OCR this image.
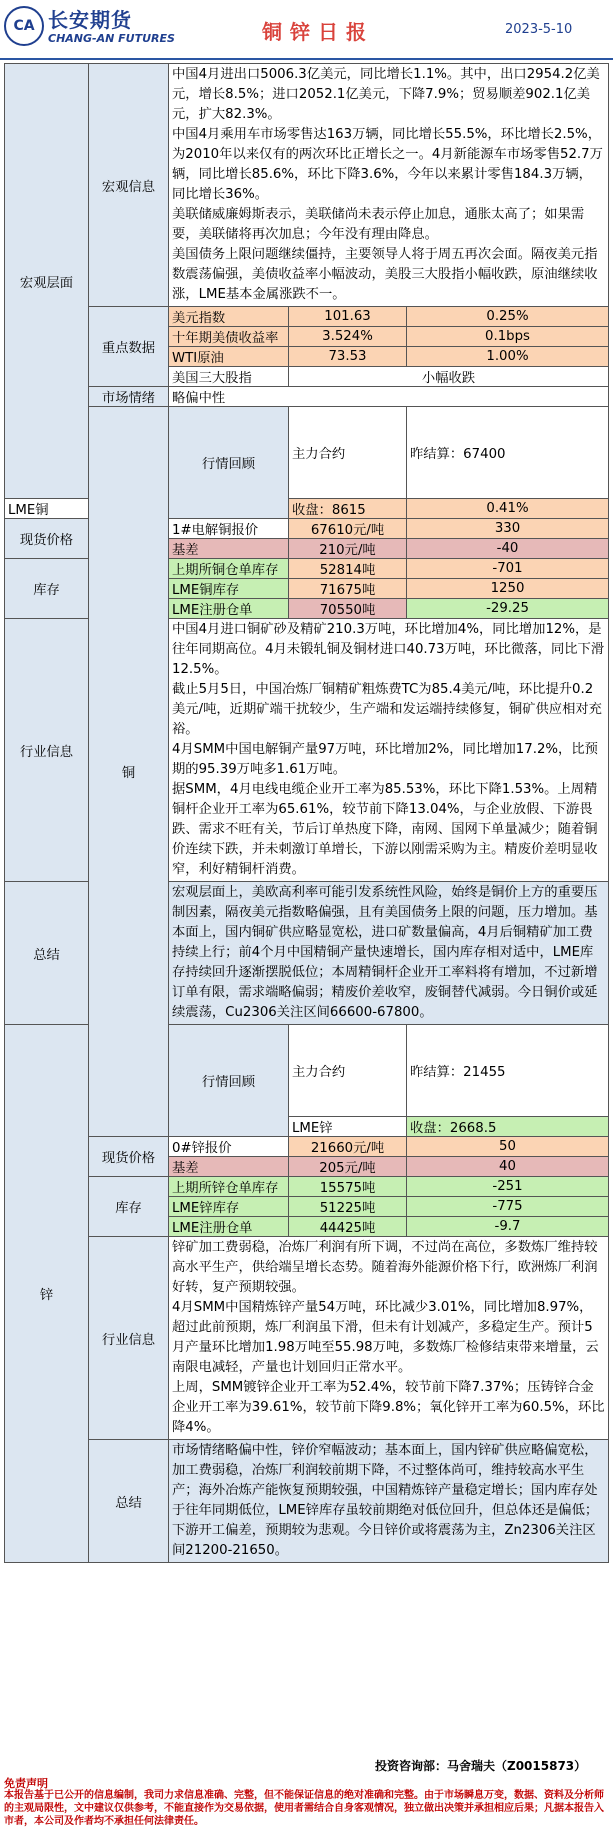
CA 长安期货
CHANG-AN FUTURES	铜锌日报	2023-5-10
宏观层面	宏观信息	中国4月进出口5006.3亿美元，同比增长1.1%。其中，出口2954.2亿美元，增长8.5%；进口2052.1亿美元，下降7.9%；贸易顺差902.1亿美元，扩大82.3%。
中国4月乘用车市场零售达163万辆，同比增长55.5%，环比增长2.5%，为2010年以来仅有的两次环比正增长之一。4月新能源车市场零售52.7万辆，同比增长85.6%，环比下降3.6%，今年以来累计零售184.3万辆，同比增长36%。
美联储威廉姆斯表示，美联储尚未表示停止加息，通胀太高了；如果需要，美联储将再次加息；今年没有理由降息。
美国债务上限问题继续僵持，主要领导人将于周五再次会面。隔夜美元指数震荡偏强，美债收益率小幅波动，美股三大股指小幅收跌，原油继续收涨，LME基本金属涨跌不一。			

	重点数据	美元指数	101.63	0.25%	
		十年期美债收益率	3.524%	0.1bps	
		WTI原油	73.53	1.00%	
		美国三大股指	小幅收跌		
	市场情绪	略偏中性			
	铜	行情回顾	主力合约	昨结算：67400	
LME铜			收盘：8615	0.41%	
现货价格		1#电解铜报价	67610元/吨	330	
		基差	210元/吨	-40	
库存		上期所铜仓单库存	52814吨	-701	
		LME铜库存	71675吨	1250	
		LME注册仓单	70550吨	-29.25	
行业信息		中国4月进口铜矿砂及精矿210.3万吨，环比增加4%，同比增加12%，是往年同期高位。4月未锻轧铜及铜材进口40.73万吨，环比微落，同比下滑12.5%。
截止5月5日，中国冶炼厂铜精矿粗炼费TC为85.4美元/吨，环比提升0.2美元/吨，近期矿端干扰较少，生产端和发运端持续修复，铜矿供应相对充裕。
4月SMM中国电解铜产量97万吨，环比增加2%，同比增加17.2%，比预期的95.39万吨多1.61万吨。
据SMM，4月电线电缆企业开工率为85.53%，环比下降1.53%。上周精铜杆企业开工率为65.61%，较节前下降13.04%，与企业放假、下游畏跌、需求不旺有关，节后订单热度下降，南网、国网下单量减少；随着铜价连续下跌，并未刺激订单增长，下游以刚需采购为主。精废价差明显收窄，利好精铜杆消费。			

总结		宏观层面上，美欧高利率可能引发系统性风险，始终是铜价上方的重要压制因素，隔夜美元指数略偏强，且有美国债务上限的问题，压力增加。基本面上，国内铜矿供应略显宽松，进口矿数量偏高，4月后铜精矿加工费持续上行；前4个月中国精铜产量快速增长，国内库存相对适中，LME库存持续回升逐渐摆脱低位；本周精铜杆企业开工率料将有增加，不过新增订单有限，需求端略偏弱；精废价差收窄，废铜替代减弱。今日铜价或延续震荡，Cu2306关注区间66600-67800。			
锌		行情回顾	主力合约	昨结算：21455	
			LME锌	收盘：2668.5	
	现货价格	0#锌报价	21660元/吨	50	
		基差	205元/吨	40	
	库存	上期所锌仓单库存	15575吨	-251	
		LME锌库存	51225吨	-775	
		LME注册仓单	44425吨	-9.7	
	行业信息	锌矿加工费弱稳，冶炼厂利润有所下调，不过尚在高位，多数炼厂维持较高水平生产，供给端呈增长态势。随着海外能源价格下行，欧洲炼厂利润好转，复产预期较强。
4月SMM中国精炼锌产量54万吨，环比减少3.01%，同比增加8.97%，超过此前预期，炼厂利润虽下滑，但未有计划减产，多稳定生产。预计5月产量环比增加1.98万吨至55.98万吨，多数炼厂检修结束带来增量，云南限电减轻，产量也计划回归正常水平。
上周，SMM镀锌企业开工率为52.4%，较节前下降7.37%；压铸锌合金企业开工率为39.61%，较节前下降9.8%；氧化锌开工率为60.5%，环比降4%。			

	总结	市场情绪略偏中性，锌价窄幅波动；基本面上，国内锌矿供应略偏宽松，加工费弱稳，冶炼厂利润较前期下降，不过整体尚可，维持较高水平生产；海外冶炼产能恢复预期较强，中国精炼锌产量稳定增长；国内库存处于往年同期低位，LME锌库存虽较前期绝对低位回升，但总体还是偏低；下游开工偏差，预期较为悲观。今日锌价或将震荡为主，Zn2306关注区间21200-21650。			
投资咨询部：马舍瑞夫（Z0015873）
免责声明
本报告基于已公开的信息编制，我司力求信息准确、完整，但不能保证信息的绝对准确和完整。由于市场瞬息万变，数据、资料及分析师的主观局限性，文中建议仅供参考，不能直接作为交易依据，使用者需结合自身客观情况，独立做出决策并承担相应后果；凡据本报告入市者，本公司及作者均不承担任何法律责任。
